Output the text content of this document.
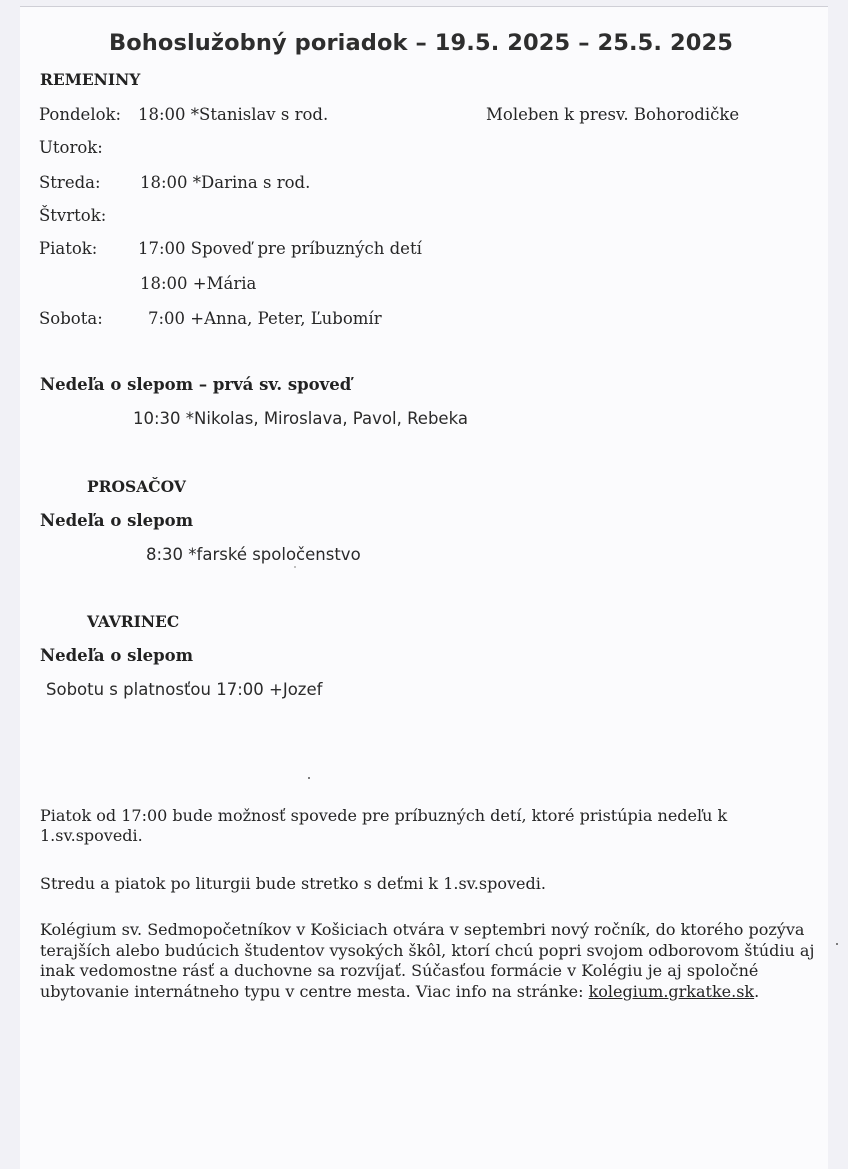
Bohoslužobný poriadok – 19.5. 2025 – 25.5. 2025
REMENINY
Pondelok: 18:00 *Stanislav s rod.	Moleben k presv. Bohorodičke
Utorok:
Streda: 18:00 *Darina s rod.
Štvrtok:
Piatok: 17:00 Spoveď pre príbuzných detí
18:00 +Mária
Sobota:	7:00 +Anna, Peter, Ľubomír
Nedeľa o slepom – prvá sv. spoveď
10:30 *Nikolas, Miroslava, Pavol, Rebeka
PROSAČOV
Nedeľa o slepom
8:30 *farské spoločenstvo
VAVRINEC
Nedeľa o slepom
Sobotu s platnosťou 17:00 +Jozef
Piatok od 17:00 bude možnosť spovede pre príbuzných detí, ktoré pristúpia nedeľu k 1.sv.spovedi.
Stredu a piatok po liturgii bude stretko s deťmi k 1.sv.spovedi.
Kolégium sv. Sedmopočetníkov v Košiciach otvára v septembri nový ročník, do ktorého pozýva terajších alebo budúcich študentov vysokých škôl, ktorí chcú popri svojom odborovom štúdiu aj inak vedomostne rásť a duchovne sa rozvíjať. Súčasťou formácie v Kolégiu je aj spoločné ubytovanie internátneho typu v centre mesta. Viac info na stránke: kolegium.grkatke.sk.
